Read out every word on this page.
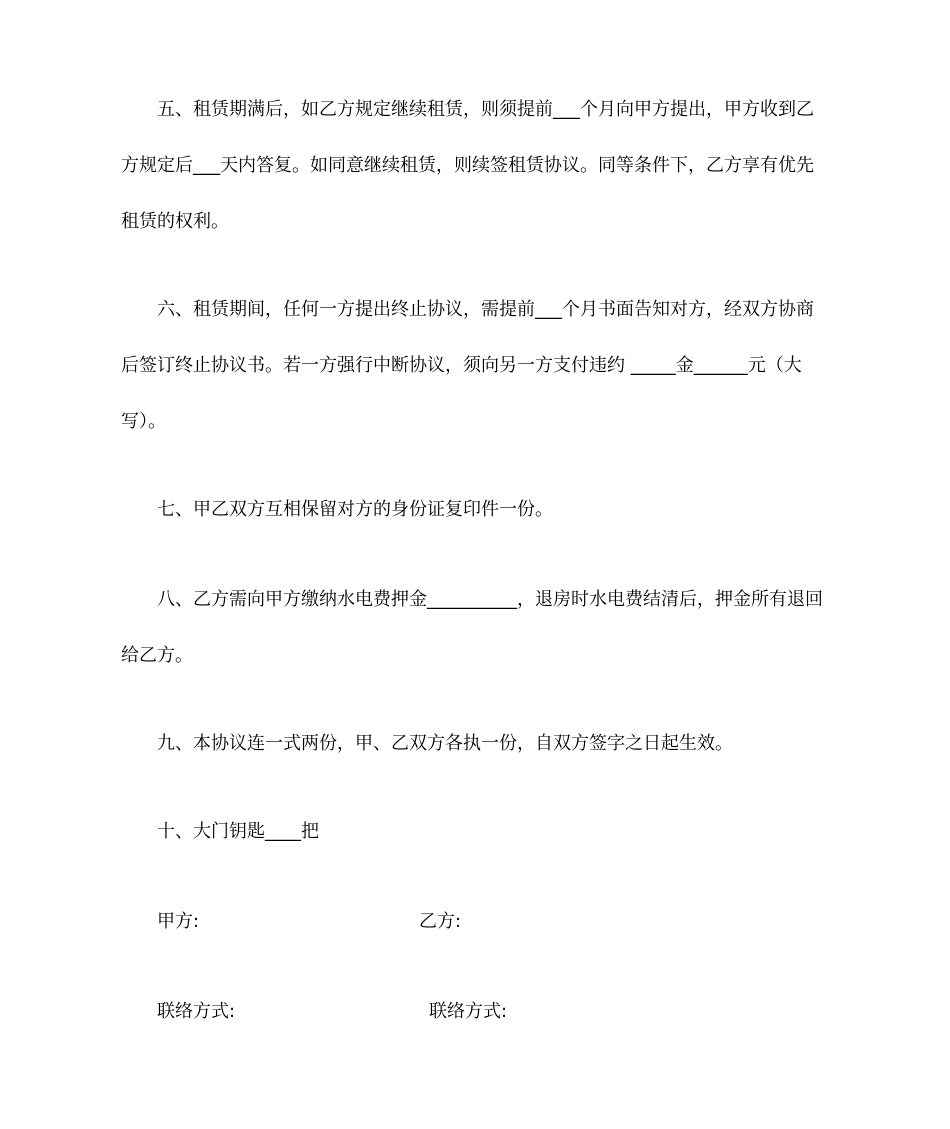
五、租赁期满后，如乙方规定继续租赁，则须提前___个月向甲方提出，甲方收到乙
方规定后___天内答复。如同意继续租赁，则续签租赁协议。同等条件下，乙方享有优先
租赁的权利。
六、租赁期间，任何一方提出终止协议，需提前___个月书面告知对方，经双方协商
后签订终止协议书。若一方强行中断协议，须向另一方支付违约 _____金______元（大
写）。
七、甲乙双方互相保留对方的身份证复印件一份。
八、乙方需向甲方缴纳水电费押金__________，退房时水电费结清后，押金所有退回
给乙方。
九、本协议连一式两份，甲、乙双方各执一份，自双方签字之日起生效。
十、大门钥匙____把
甲方:	乙方:
联络方式:	联络方式:
